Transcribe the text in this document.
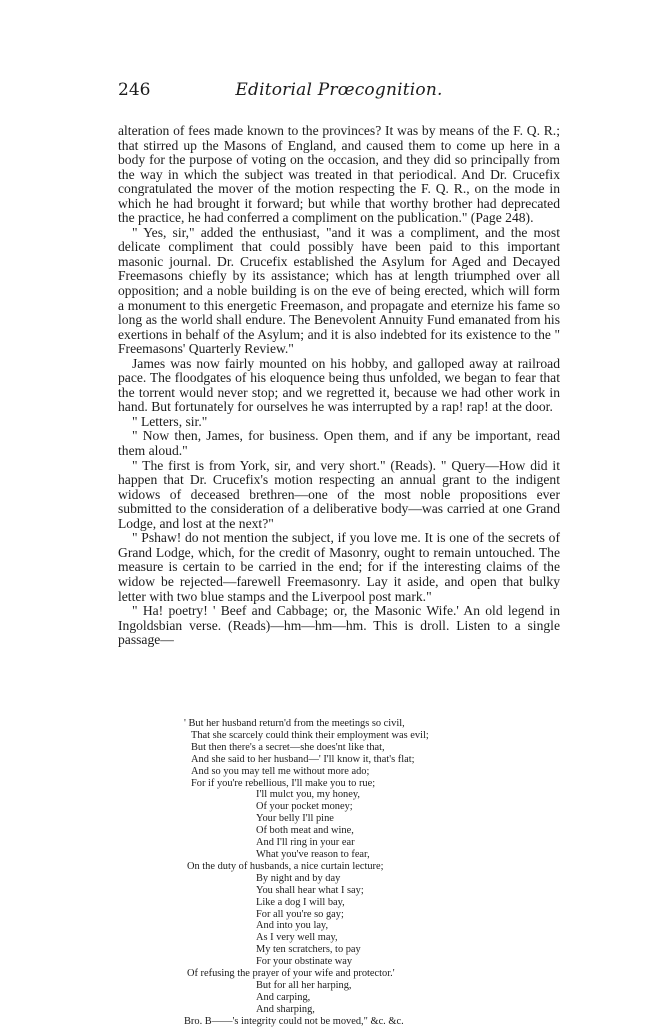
246	Editorial Prœcognition.

alteration of fees made known to the provinces? It was by means of the F. Q. R.; that stirred up the Masons of England, and caused them to come up here in a body for the purpose of voting on the occasion, and they did so principally from the way in which the subject was treated in that periodical. And Dr. Crucefix congratulated the mover of the motion respecting the F. Q. R., on the mode in which he had brought it forward; but while that worthy brother had deprecated the practice, he had conferred a compliment on the publication." (Page 248).

" Yes, sir," added the enthusiast, "and it was a compliment, and the most delicate compliment that could possibly have been paid to this important masonic journal. Dr. Crucefix established the Asylum for Aged and Decayed Freemasons chiefly by its assistance; which has at length triumphed over all opposition; and a noble building is on the eve of being erected, which will form a monument to this energetic Freemason, and propagate and eternize his fame so long as the world shall endure. The Benevolent Annuity Fund emanated from his exertions in behalf of the Asylum; and it is also indebted for its existence to the " Freemasons' Quarterly Review."

James was now fairly mounted on his hobby, and galloped away at railroad pace. The floodgates of his eloquence being thus unfolded, we began to fear that the torrent would never stop; and we regretted it, because we had other work in hand. But fortunately for ourselves he was interrupted by a rap! rap! at the door.

" Letters, sir."

" Now then, James, for business. Open them, and if any be important, read them aloud."

" The first is from York, sir, and very short." (Reads). " Query—How did it happen that Dr. Crucefix's motion respecting an annual grant to the indigent widows of deceased brethren—one of the most noble propositions ever submitted to the consideration of a deliberative body—was carried at one Grand Lodge, and lost at the next?"

" Pshaw! do not mention the subject, if you love me. It is one of the secrets of Grand Lodge, which, for the credit of Masonry, ought to remain untouched. The measure is certain to be carried in the end; for if the interesting claims of the widow be rejected—farewell Freemasonry. Lay it aside, and open that bulky letter with two blue stamps and the Liverpool post mark."

" Ha! poetry! ' Beef and Cabbage; or, the Masonic Wife.' An old legend in Ingoldsbian verse. (Reads)—hm—hm—hm. This is droll. Listen to a single passage—

' But her husband return'd from the meetings so civil,
That she scarcely could think their employment was evil;
But then there's a secret—she does'nt like that,
And she said to her husband—' I'll know it, that's flat;
And so you may tell me without more ado;
For if you're rebellious, I'll make you to rue;
I'll mulct you, my honey,
Of your pocket money;
Your belly I'll pine
Of both meat and wine,
And I'll ring in your ear
What you've reason to fear,
On the duty of husbands, a nice curtain lecture;
By night and by day
You shall hear what I say;
Like a dog I will bay,
For all you're so gay;
And into you lay,
As I very well may,
My ten scratchers, to pay
For your obstinate way
Of refusing the prayer of your wife and protector.'
But for all her harping,
And carping,
And sharping,
Bro. B——'s integrity could not be moved," &c. &c.
